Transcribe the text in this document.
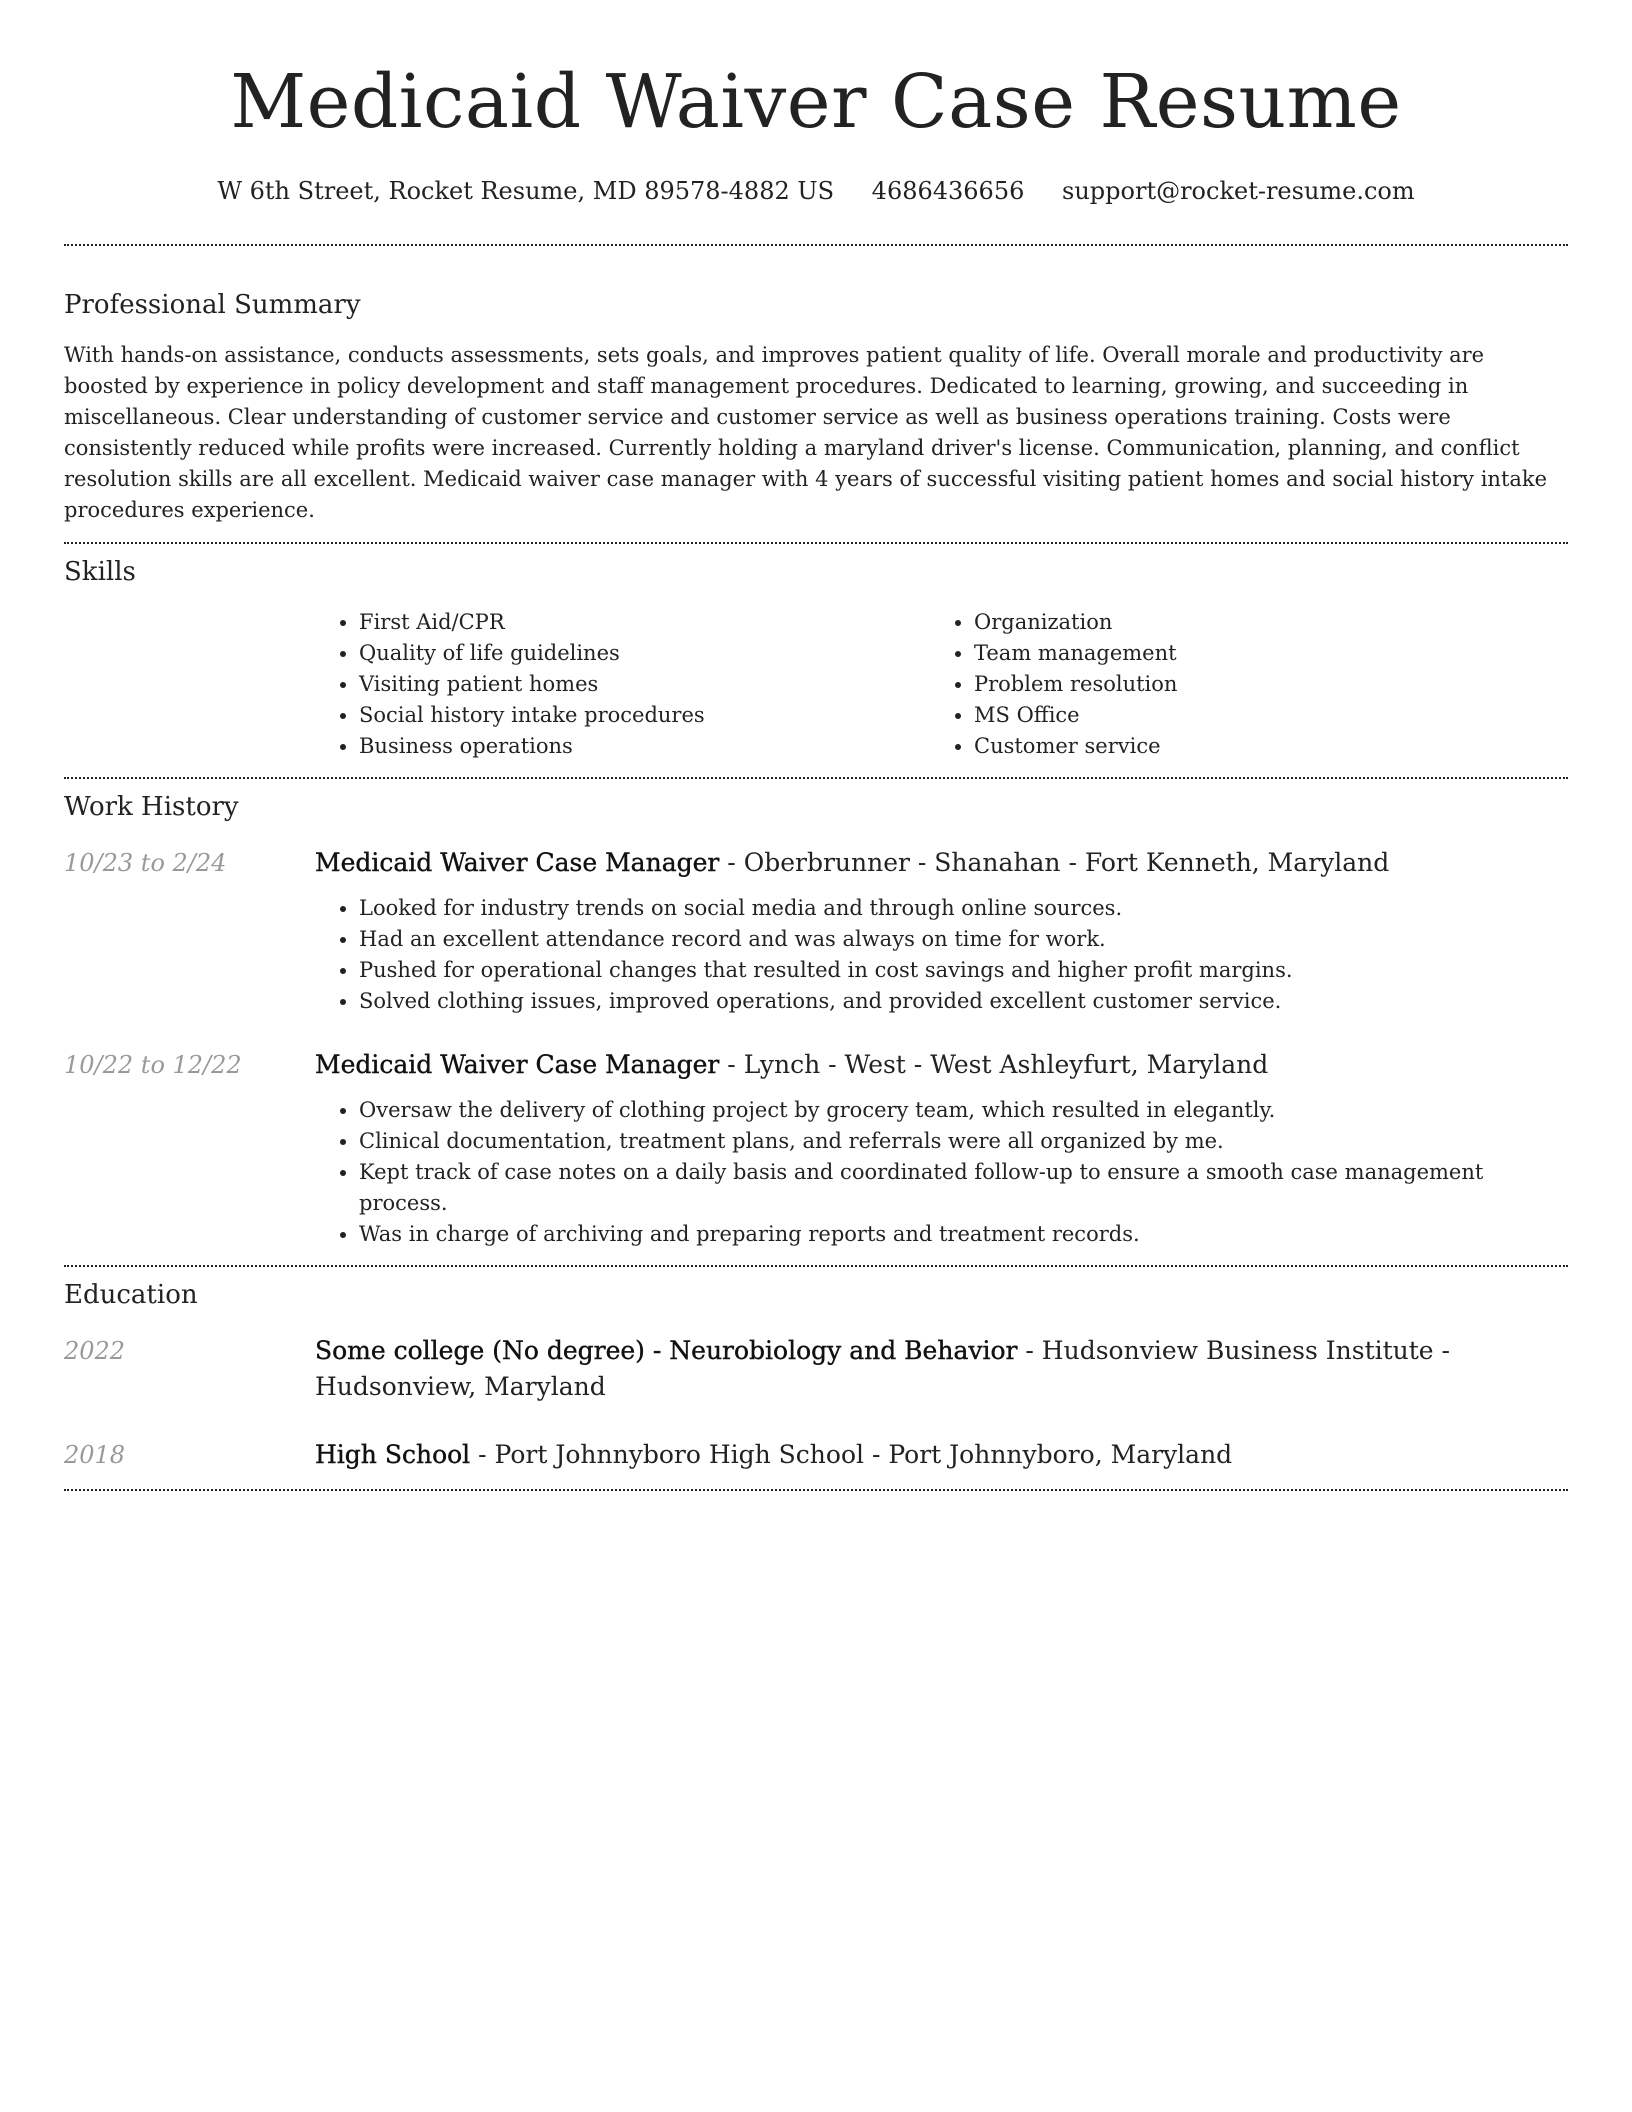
Medicaid Waiver Case Resume
W 6th Street, Rocket Resume, MD 89578-4882 US 4686436656 support@rocket-resume.com
Professional Summary

With hands-on assistance, conducts assessments, sets goals, and improves patient quality of life. Overall morale and productivity are boosted by experience in policy development and staff management procedures. Dedicated to learning, growing, and succeeding in miscellaneous. Clear understanding of customer service and customer service as well as business operations training. Costs were consistently reduced while profits were increased. Currently holding a maryland driver's license. Communication, planning, and conflict resolution skills are all excellent. Medicaid waiver case manager with 4 years of successful visiting patient homes and social history intake procedures experience.

Skills
• First Aid/CPR
• Quality of life guidelines
• Visiting patient homes
• Social history intake procedures
• Business operations
• Organization
• Team management
• Problem resolution
• MS Office
• Customer service
Work History
10/23 to 2/24	Medicaid Waiver Case Manager - Oberbrunner - Shanahan - Fort Kenneth, Maryland
• Looked for industry trends on social media and through online sources.
• Had an excellent attendance record and was always on time for work.
• Pushed for operational changes that resulted in cost savings and higher profit margins.
• Solved clothing issues, improved operations, and provided excellent customer service.
10/22 to 12/22	Medicaid Waiver Case Manager - Lynch - West - West Ashleyfurt, Maryland
• Oversaw the delivery of clothing project by grocery team, which resulted in elegantly.
• Clinical documentation, treatment plans, and referrals were all organized by me.
• Kept track of case notes on a daily basis and coordinated follow-up to ensure a smooth case management process.
• Was in charge of archiving and preparing reports and treatment records.
Education
2022	Some college (No degree) - Neurobiology and Behavior - Hudsonview Business Institute - Hudsonview, Maryland
2018	High School - Port Johnnyboro High School - Port Johnnyboro, Maryland
